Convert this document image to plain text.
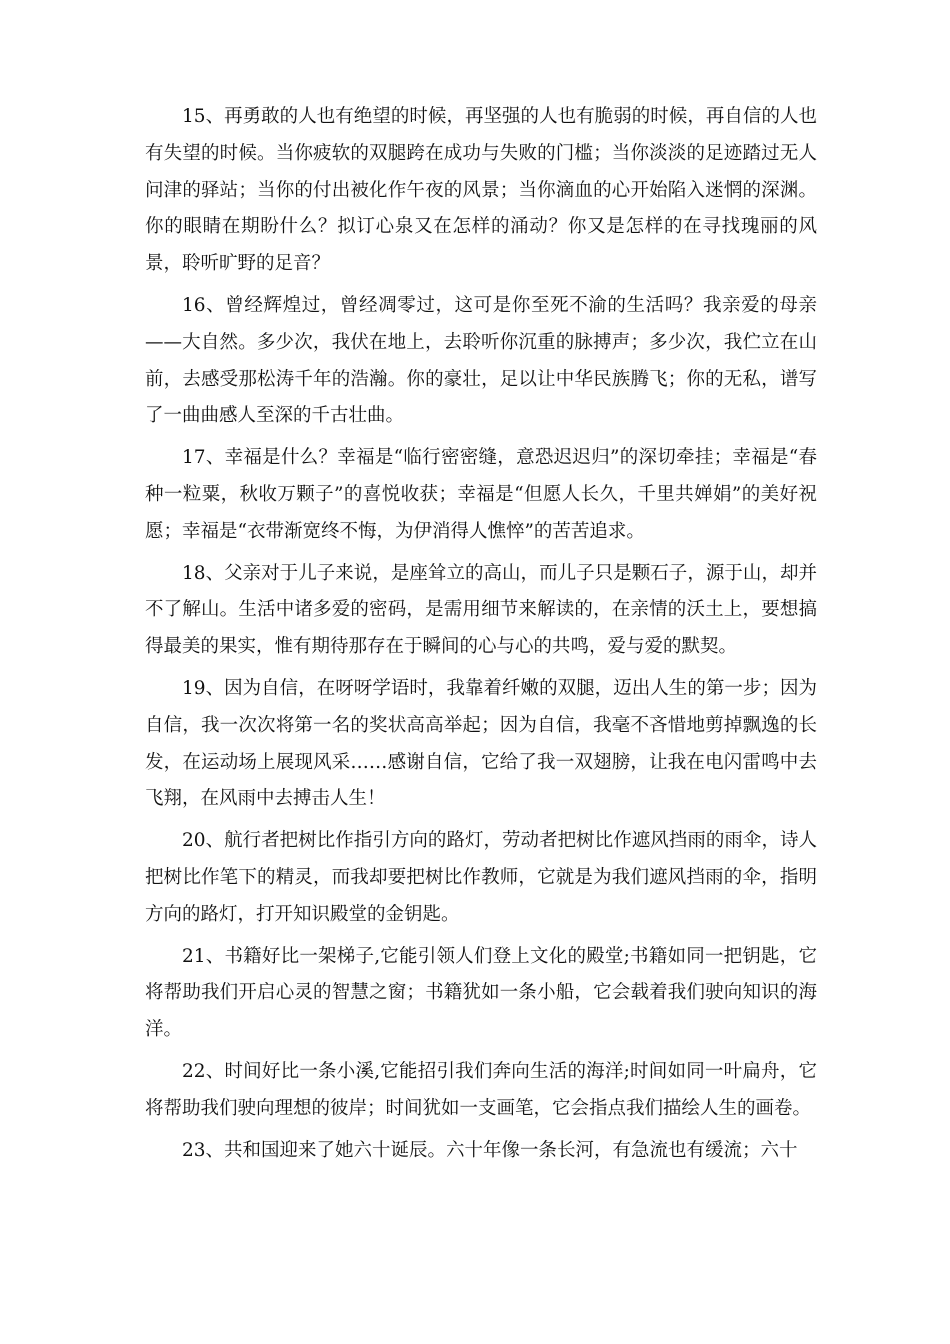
15、再勇敢的人也有绝望的时候，再坚强的人也有脆弱的时候，再自信的人也有失望的时候。当你疲软的双腿跨在成功与失败的门槛；当你淡淡的足迹踏过无人问津的驿站；当你的付出被化作午夜的风景；当你滴血的心开始陷入迷惘的深渊。你的眼睛在期盼什么？拟订心泉又在怎样的涌动？你又是怎样的在寻找瑰丽的风景，聆听旷野的足音？

16、曾经辉煌过，曾经凋零过，这可是你至死不渝的生活吗？我亲爱的母亲——大自然。多少次，我伏在地上，去聆听你沉重的脉搏声；多少次，我伫立在山前，去感受那松涛千年的浩瀚。你的豪壮，足以让中华民族腾飞；你的无私，谱写了一曲曲感人至深的千古壮曲。

17、幸福是什么？幸福是“临行密密缝，意恐迟迟归”的深切牵挂；幸福是“春种一粒粟，秋收万颗子”的喜悦收获；幸福是“但愿人长久，千里共婵娟”的美好祝愿；幸福是“衣带渐宽终不悔，为伊消得人憔悴”的苦苦追求。

18、父亲对于儿子来说，是座耸立的高山，而儿子只是颗石子，源于山，却并不了解山。生活中诸多爱的密码，是需用细节来解读的，在亲情的沃土上，要想搞得最美的果实，惟有期待那存在于瞬间的心与心的共鸣，爱与爱的默契。

19、因为自信，在呀呀学语时，我靠着纤嫩的双腿，迈出人生的第一步；因为自信，我一次次将第一名的奖状高高举起；因为自信，我毫不吝惜地剪掉飘逸的长发，在运动场上展现风采……感谢自信，它给了我一双翅膀，让我在电闪雷鸣中去飞翔，在风雨中去搏击人生！

20、航行者把树比作指引方向的路灯，劳动者把树比作遮风挡雨的雨伞，诗人把树比作笔下的精灵，而我却要把树比作教师，它就是为我们遮风挡雨的伞，指明方向的路灯，打开知识殿堂的金钥匙。

21、书籍好比一架梯子,它能引领人们登上文化的殿堂;书籍如同一把钥匙，它将帮助我们开启心灵的智慧之窗；书籍犹如一条小船，它会载着我们驶向知识的海洋。

22、时间好比一条小溪,它能招引我们奔向生活的海洋;时间如同一叶扁舟，它将帮助我们驶向理想的彼岸；时间犹如一支画笔，它会指点我们描绘人生的画卷。

23、共和国迎来了她六十诞辰。六十年像一条长河，有急流也有缓流；六十
